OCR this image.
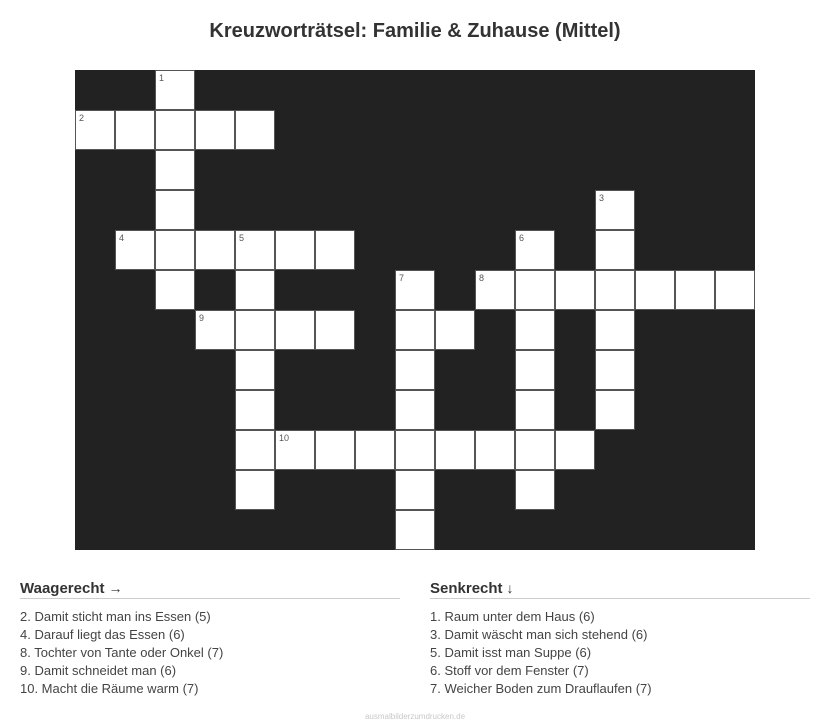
Kreuzworträtsel: Familie & Zuhause (Mittel)
1
2
3
4	5	6
7	8
9
10
Waagerecht →
2. Damit sticht man ins Essen (5)
4. Darauf liegt das Essen (6)
8. Tochter von Tante oder Onkel (7)
9. Damit schneidet man (6)
10. Macht die Räume warm (7)
Senkrecht ↓
1. Raum unter dem Haus (6)
3. Damit wäscht man sich stehend (6)
5. Damit isst man Suppe (6)
6. Stoff vor dem Fenster (7)
7. Weicher Boden zum Drauflaufen (7)
ausmalbilderzumdrucken.de
